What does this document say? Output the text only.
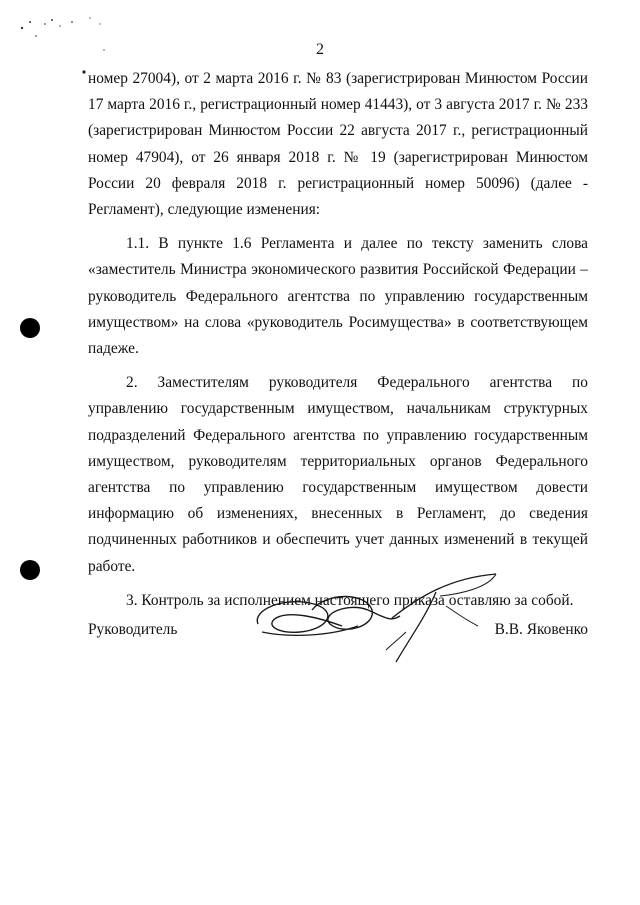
2

номер 27004), от 2 марта 2016 г. № 83 (зарегистрирован Минюстом России 17 марта 2016 г., регистрационный номер 41443), от 3 августа 2017 г. № 233 (зарегистрирован Минюстом России 22 августа 2017 г., регистрационный номер 47904), от 26 января 2018 г. № 19 (зарегистрирован Минюстом России 20 февраля 2018 г. регистрационный номер 50096) (далее - Регламент), следующие изменения:

1.1. В пункте 1.6 Регламента и далее по тексту заменить слова «заместитель Министра экономического развития Российской Федерации – руководитель Федерального агентства по управлению государственным имуществом» на слова «руководитель Росимущества» в соответствующем падеже.

2. Заместителям руководителя Федерального агентства по управлению государственным имуществом, начальникам структурных подразделений Федерального агентства по управлению государственным имуществом, руководителям территориальных органов Федерального агентства по управлению государственным имуществом довести информацию об изменениях, внесенных в Регламент, до сведения подчиненных работников и обеспечить учет данных изменений в текущей работе.

3. Контроль за исполнением настоящего приказа оставляю за собой.

Руководитель	В.В. Яковенко
